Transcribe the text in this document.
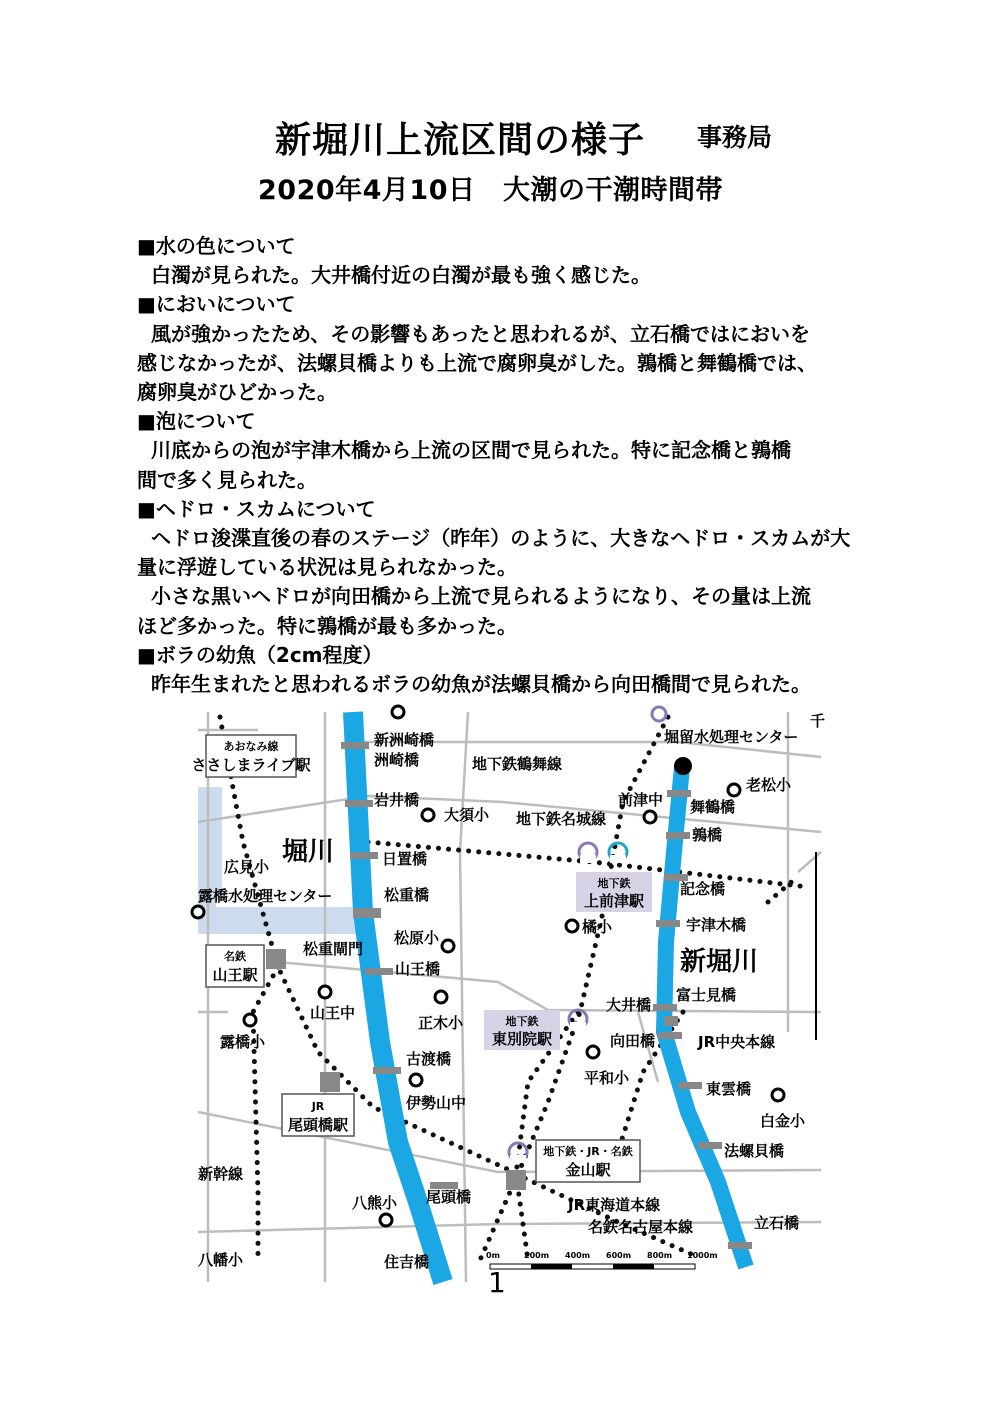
新堀川上流区間の様子 事務局
2020年4月10日　大潮の干潮時間帯

■ 水の色について

白濁が見られた。大井橋付近の白濁が最も強く感じた。

■ においについて

風が強かったため、その影響もあったと思われるが、立石橋ではにおいを

感じなかったが、法螺貝橋よりも上流で腐卵臭がした。鶉橋と舞鶴橋では、

腐卵臭がひどかった。

■ 泡について

川底からの泡が宇津木橋から上流の区間で見られた。特に記念橋と鶉橋

間で多く見られた。

■ ヘドロ・スカムについて

ヘドロ浚渫直後の春のステージ（昨年）のように、大きなヘドロ・スカムが大

量に浮遊している状況は見られなかった。

小さな黒いヘドロが向田橋から上流で見られるようになり、その量は上流

ほど多かった。特に鶉橋が最も多かった。

■ ボラの幼魚（2cm程度）

昨年生まれたと思われるボラの幼魚が法螺貝橋から向田橋間で見られた。

あおなみ線
ささしまライブ駅
名鉄
山王駅
JR
尾頭橋駅
地下鉄・JR・名鉄
金山駅
地下鉄
上前津駅
地下鉄
東別院駅
堀川
新堀川
新洲崎橋
洲崎橋
岩井橋
日置橋
松重橋
松重閘門
山王橋
古渡橋
尾頭橋
住吉橋
舞鶴橋
鶉橋
記念橋
宇津木橋
大井橋
富士見橋
向田橋
東雲橋
法螺貝橋
立石橋
堀留水処理センター
露橋水処理センター
老松小
大須小
前津中
広見小
松原小
橘小
山王中
正木小
平和小
露橋小
伊勢山中
白金小
八熊小
八幡小
地下鉄鶴舞線
地下鉄名城線
JR中央本線
JR東海道本線
名鉄名古屋本線
新幹線
千
0m	200m 400m 600m 800m 1000m
1
